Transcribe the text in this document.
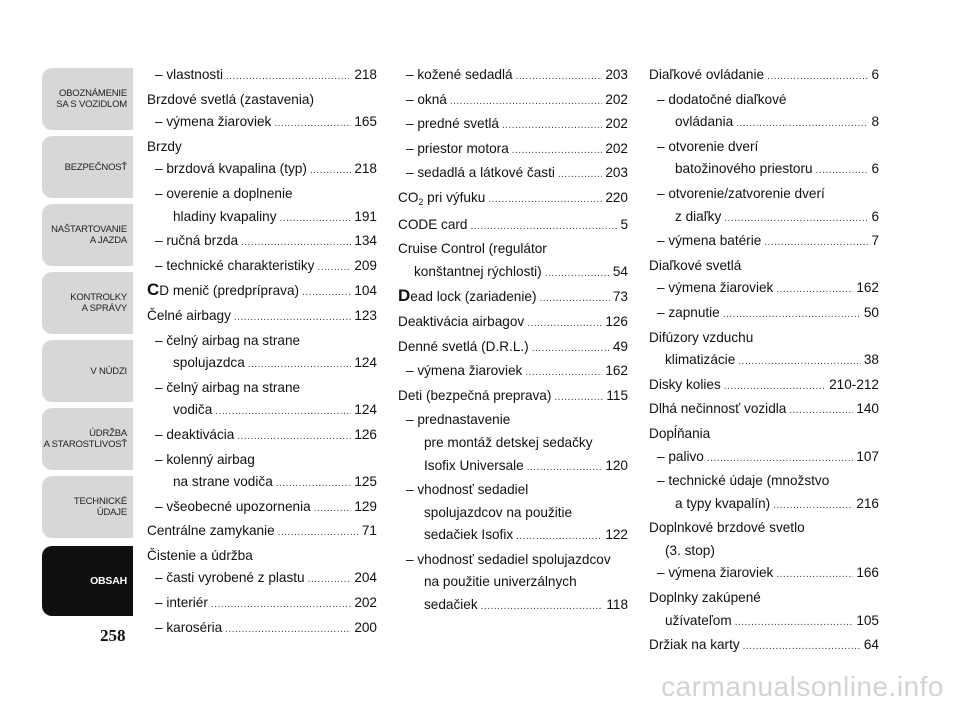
OBOZNÁMENIE
SA S VOZIDLOM
BEZPEČNOSŤ
NAŠTARTOVANIE
A JAZDA
KONTROLKY
A SPRÁVY
V NÚDZI
ÚDRŽBA
A STAROSTLIVOSŤ
TECHNICKÉ
ÚDAJE
OBSAH
258
– vlastnosti .....	218
Brzdové svetlá (zastavenia)
– výmena žiaroviek .....	165
Brzdy
– brzdová kvapalina (typ) .....	218
– overenie a doplnenie
hladiny kvapaliny .....	191
– ručná brzda .....	134
– technické charakteristiky .....	209
CD menič (predpríprava) .....	104
Čelné airbagy .....	123
– čelný airbag na strane
spolujazdca .....	124
– čelný airbag na strane
vodiča .....	124
– deaktivácia .....	126
– kolenný airbag
na strane vodiča .....	125
– všeobecné upozornenia .....	129
Centrálne zamykanie .....	71
Čistenie a údržba
– časti vyrobené z plastu .....	204
– interiér .....	202
– karoséria .....	200
– kožené sedadlá .....	203
– okná .....	202
– predné svetlá .....	202
– priestor motora .....	202
– sedadlá a látkové časti .....	203
$CO_2$ pri výfuku .....	220
CODE card .....	5
Cruise Control (regulátor
konštantnej rýchlosti) .....	54
Dead lock (zariadenie) .....	73
Deaktivácia airbagov .....	126
Denné svetlá (D.R.L.) .....	49
– výmena žiaroviek .....	162
Deti (bezpečná preprava) .....	115
– prednastavenie
pre montáž detskej sedačky
Isofix Universale .....	120
– vhodnosť sedadiel
spolujazdcov na použitie
sedačiek Isofix .....	122
– vhodnosť sedadiel spolujazdcov
na použitie univerzálnych
sedačiek .....	118
Diaľkové ovládanie .....	6
– dodatočné diaľkové
ovládania .....	8
– otvorenie dverí
batožinového priestoru .....	6
– otvorenie/zatvorenie dverí
z diaľky .....	6
– výmena batérie .....	7
Diaľkové svetlá
– výmena žiaroviek .....	162
– zapnutie .....	50
Difúzory vzduchu
klimatizácie .....	38
Disky kolies .....	210-212
Dlhá nečinnosť vozidla .....	140
Dopĺňania
– palivo .....	107
– technické údaje (množstvo
a typy kvapalín) .....	216
Doplnkové brzdové svetlo
(3. stop)
– výmena žiaroviek .....	166
Doplnky zakúpené
užívateľom .....	105
Držiak na karty .....	64
carmanualsonline.info
